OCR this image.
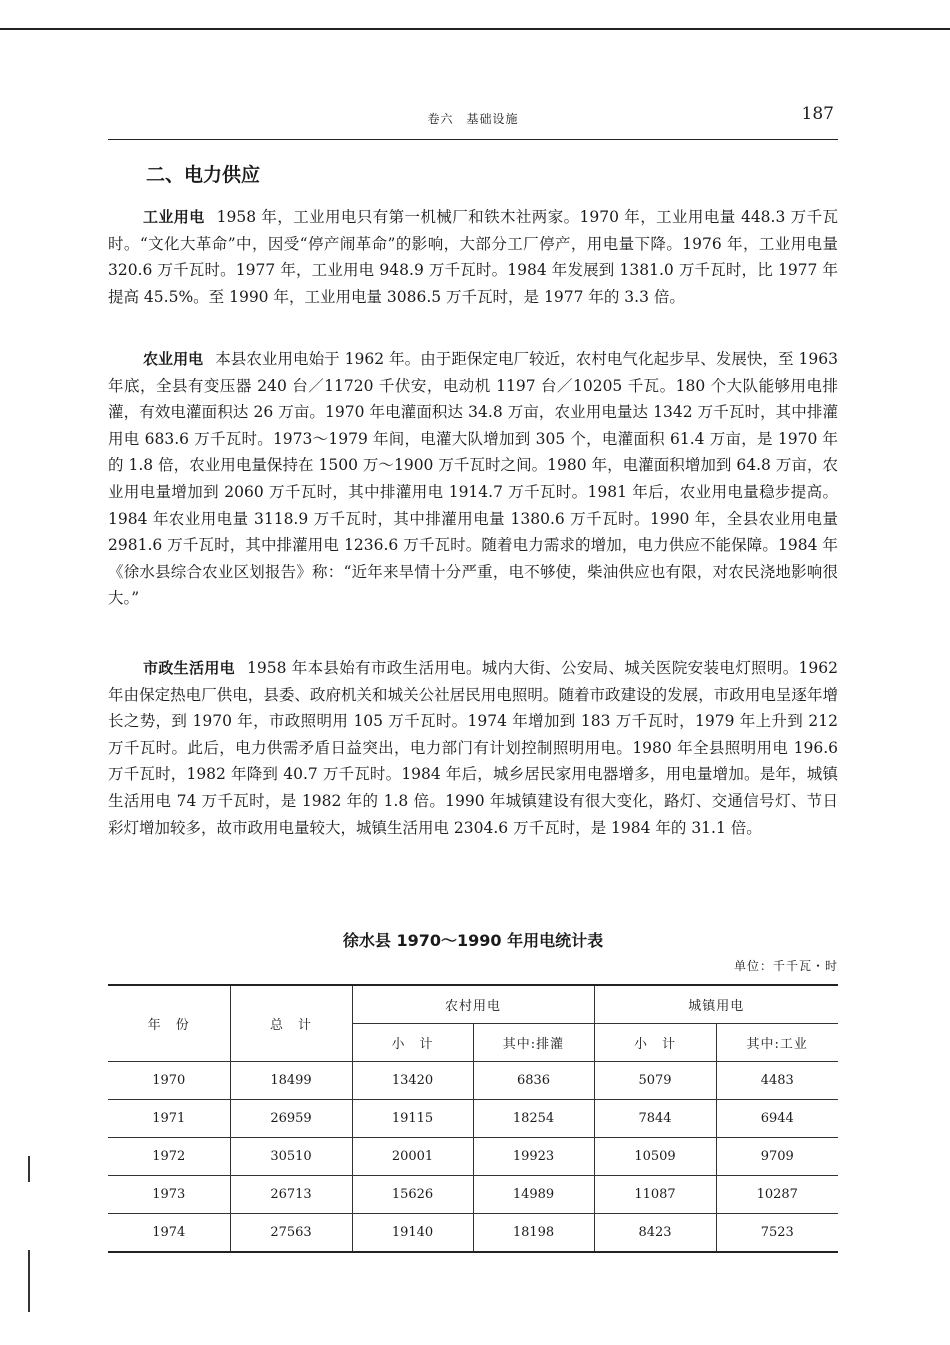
卷六　基础设施	187
二、电力供应

工业用电 1958 年，工业用电只有第一机械厂和铁木社两家。1970 年，工业用电量 448.3 万千瓦时。“文化大革命”中，因受“停产闹革命”的影响，大部分工厂停产，用电量下降。1976 年，工业用电量 320.6 万千瓦时。1977 年，工业用电 948.9 万千瓦时。1984 年发展到 1381.0 万千瓦时，比 1977 年提高 45.5%。至 1990 年，工业用电量 3086.5 万千瓦时，是 1977 年的 3.3 倍。

农业用电 本县农业用电始于 1962 年。由于距保定电厂较近，农村电气化起步早、发展快，至 1963 年底，全县有变压器 240 台／11720 千伏安，电动机 1197 台／10205 千瓦。180 个大队能够用电排灌，有效电灌面积达 26 万亩。1970 年电灌面积达 34.8 万亩，农业用电量达 1342 万千瓦时，其中排灌用电 683.6 万千瓦时。1973～1979 年间，电灌大队增加到 305 个，电灌面积 61.4 万亩，是 1970 年的 1.8 倍，农业用电量保持在 1500 万～1900 万千瓦时之间。1980 年，电灌面积增加到 64.8 万亩，农业用电量增加到 2060 万千瓦时，其中排灌用电 1914.7 万千瓦时。1981 年后，农业用电量稳步提高。1984 年农业用电量 3118.9 万千瓦时，其中排灌用电量 1380.6 万千瓦时。1990 年，全县农业用电量 2981.6 万千瓦时，其中排灌用电 1236.6 万千瓦时。随着电力需求的增加，电力供应不能保障。1984 年《徐水县综合农业区划报告》称：“近年来旱情十分严重，电不够使，柴油供应也有限，对农民浇地影响很大。”

市政生活用电 1958 年本县始有市政生活用电。城内大街、公安局、城关医院安装电灯照明。1962 年由保定热电厂供电，县委、政府机关和城关公社居民用电照明。随着市政建设的发展，市政用电呈逐年增长之势，到 1970 年，市政照明用 105 万千瓦时。1974 年增加到 183 万千瓦时，1979 年上升到 212 万千瓦时。此后，电力供需矛盾日益突出，电力部门有计划控制照明用电。1980 年全县照明用电 196.6 万千瓦时，1982 年降到 40.7 万千瓦时。1984 年后，城乡居民家用电器增多，用电量增加。是年，城镇生活用电 74 万千瓦时，是 1982 年的 1.8 倍。1990 年城镇建设有很大变化，路灯、交通信号灯、节日彩灯增加较多，故市政用电量较大，城镇生活用电 2304.6 万千瓦时，是 1984 年的 31.1 倍。

徐水县 1970～1990 年用电统计表
单位：千千瓦・时
年　份	总　计	农村用电		城镇用电	
		小　计	其中:排灌	小　计	其中:工业
1970	18499	13420	6836	5079	4483
1971	26959	19115	18254	7844	6944
1972	30510	20001	19923	10509	9709
1973	26713	15626	14989	11087	10287
1974	27563	19140	18198	8423	7523
